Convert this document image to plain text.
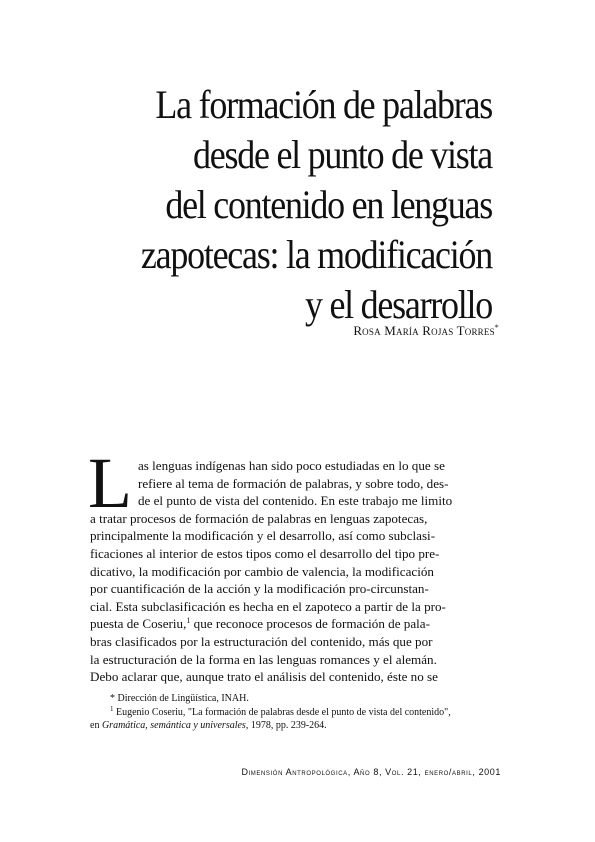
La formación de palabras
desde el punto de vista
del contenido en lenguas
zapotecas: la modificación
y el desarrollo
Rosa María Rojas Torres*
L as lenguas indígenas han sido poco estudiadas en lo que se
refiere al tema de formación de palabras, y sobre todo, des-
de el punto de vista del contenido. En este trabajo me limito
a tratar procesos de formación de palabras en lenguas zapotecas,
principalmente la modificación y el desarrollo, así como subclasi-
ficaciones al interior de estos tipos como el desarrollo del tipo pre-
dicativo, la modificación por cambio de valencia, la modificación
por cuantificación de la acción y la modificación pro-circunstan-
cial. Esta subclasificación es hecha en el zapoteco a partir de la pro-
puesta de Coseriu,$^1$ que reconoce procesos de formación de pala-
bras clasificados por la estructuración del contenido, más que por
la estructuración de la forma en las lenguas romances y el alemán.
Debo aclarar que, aunque trato el análisis del contenido, éste no se
* Dirección de Lingüística, INAH.
$^1$ Eugenio Coseriu, "La formación de palabras desde el punto de vista del contenido",
en Gramática, semántica y universales, 1978, pp. 239-264.
Dimensión Antropológica, Año 8, Vol. 21, enero/abril, 2001
